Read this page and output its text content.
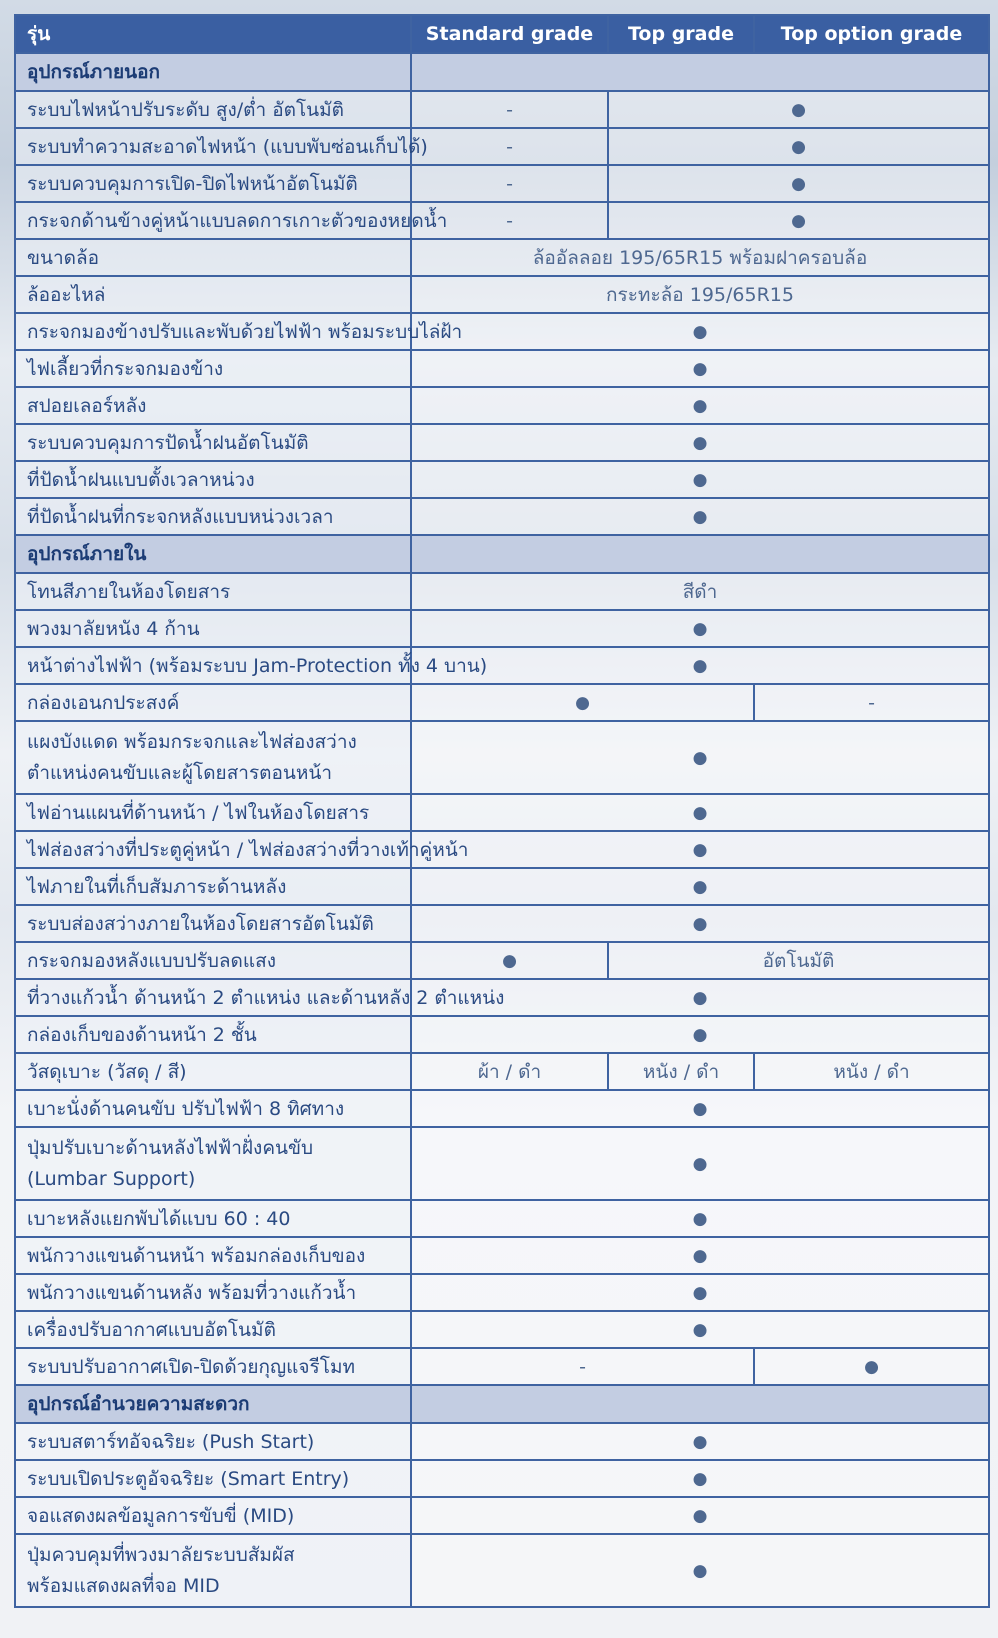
รุ่น	Standard grade	Top grade	Top option grade
อุปกรณ์ภายนอก			
ระบบไฟหน้าปรับระดับ สูง/ต่ำ อัตโนมัติ	-	●	
ระบบทำความสะอาดไฟหน้า (แบบพับซ่อนเก็บได้)	-	●	
ระบบควบคุมการเปิด-ปิดไฟหน้าอัตโนมัติ	-	●	
กระจกด้านข้างคู่หน้าแบบลดการเกาะตัวของหยดน้ำ	-	●	
ขนาดล้อ	ล้ออัลลอย 195/65R15 พร้อมฝาครอบล้อ		
ล้ออะไหล่	กระทะล้อ 195/65R15		
กระจกมองข้างปรับและพับด้วยไฟฟ้า พร้อมระบบไล่ฝ้า	●		
ไฟเลี้ยวที่กระจกมองข้าง	●		
สปอยเลอร์หลัง	●		
ระบบควบคุมการปัดน้ำฝนอัตโนมัติ	●		
ที่ปัดน้ำฝนแบบตั้งเวลาหน่วง	●		
ที่ปัดน้ำฝนที่กระจกหลังแบบหน่วงเวลา	●		
อุปกรณ์ภายใน			
โทนสีภายในห้องโดยสาร	สีดำ		
พวงมาลัยหนัง 4 ก้าน	●		
หน้าต่างไฟฟ้า (พร้อมระบบ Jam-Protection ทั้ง 4 บาน)	●		
กล่องเอนกประสงค์	●		-

แผงบังแดด พร้อมกระจกและไฟส่องสว่าง
ตำแหน่งคนขับและผู้โดยสารตอนหน้า	●		
ไฟอ่านแผนที่ด้านหน้า / ไฟในห้องโดยสาร	●		
ไฟส่องสว่างที่ประตูคู่หน้า / ไฟส่องสว่างที่วางเท้าคู่หน้า	●		
ไฟภายในที่เก็บสัมภาระด้านหลัง	●		
ระบบส่องสว่างภายในห้องโดยสารอัตโนมัติ	●		
กระจกมองหลังแบบปรับลดแสง	●	อัตโนมัติ	
ที่วางแก้วน้ำ ด้านหน้า 2 ตำแหน่ง และด้านหลัง 2 ตำแหน่ง	●		
กล่องเก็บของด้านหน้า 2 ชั้น	●		
วัสดุเบาะ (วัสดุ / สี)	ผ้า / ดำ	หนัง / ดำ	หนัง / ดำ
เบาะนั่งด้านคนขับ ปรับไฟฟ้า 8 ทิศทาง	●		

ปุ่มปรับเบาะด้านหลังไฟฟ้าฝั่งคนขับ
(Lumbar Support)	●		
เบาะหลังแยกพับได้แบบ 60 : 40	●		
พนักวางแขนด้านหน้า พร้อมกล่องเก็บของ	●		
พนักวางแขนด้านหลัง พร้อมที่วางแก้วน้ำ	●		
เครื่องปรับอากาศแบบอัตโนมัติ	●		
ระบบปรับอากาศเปิด-ปิดด้วยกุญแจรีโมท	-		●
อุปกรณ์อำนวยความสะดวก			
ระบบสตาร์ทอัจฉริยะ (Push Start)	●		
ระบบเปิดประตูอัจฉริยะ (Smart Entry)	●		
จอแสดงผลข้อมูลการขับขี่ (MID)	●		

ปุ่มควบคุมที่พวงมาลัยระบบสัมผัส
พร้อมแสดงผลที่จอ MID	●		
